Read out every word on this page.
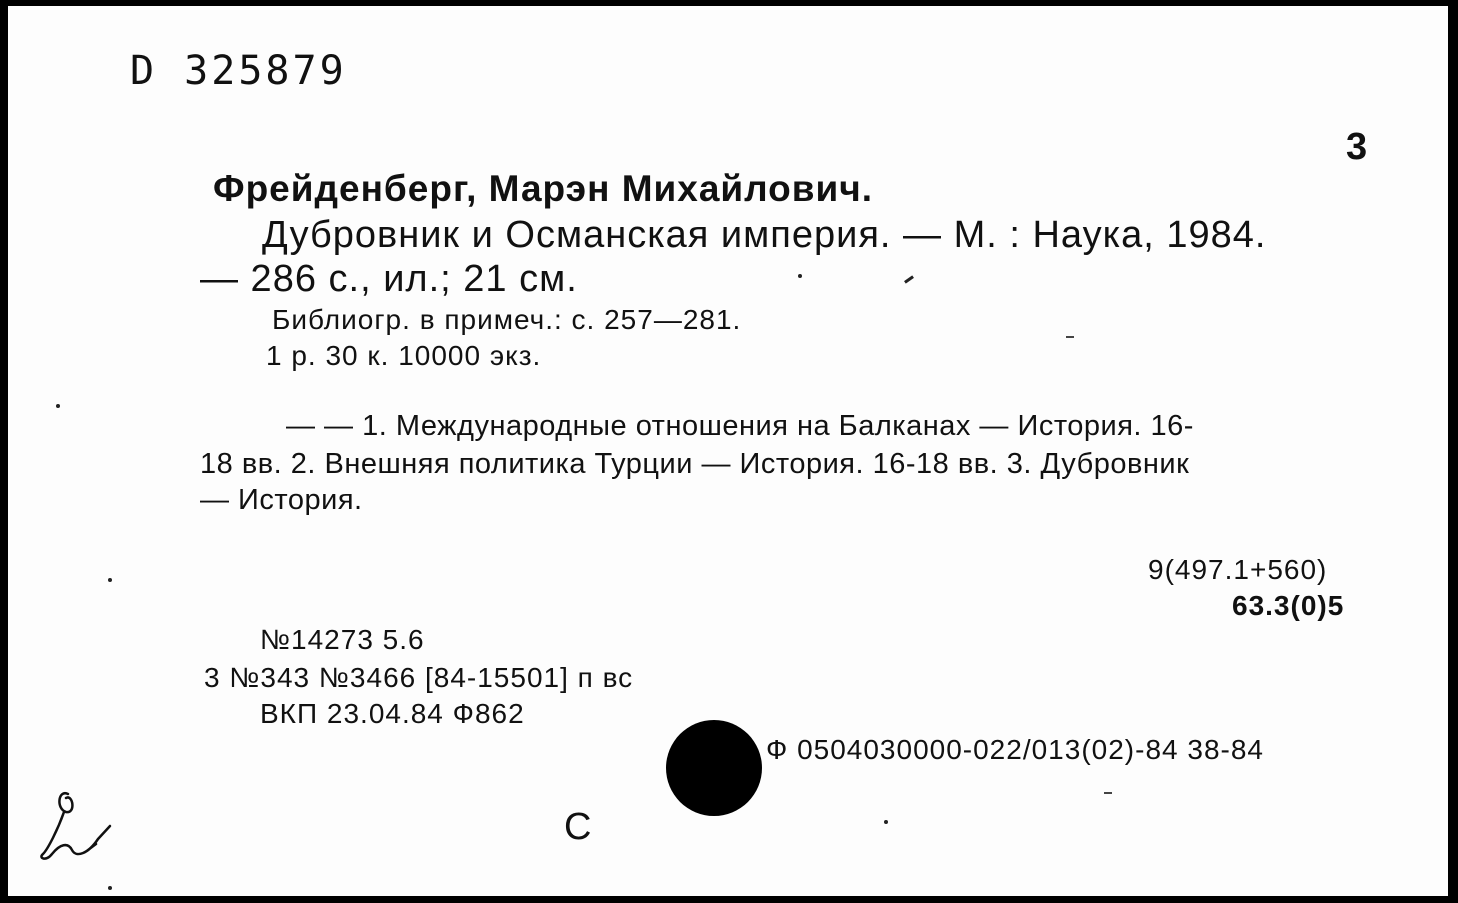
D 325879
3
Фрейденберг, Марэн Михайлович.
Дубровник и Османская империя. — М. : Наука, 1984.
— 286 с., ил.; 21 см.
Библиогр. в примеч.: с. 257—281.
1 р. 30 к. 10000 экз.
— — 1. Международные отношения на Балканах — История. 16-
18 вв. 2. Внешняя политика Турции — История. 16-18 вв. 3. Дубровник
— История.
9(497.1+560)
63.3(0)5
№14273 5.6
3 №343 №3466 [84-15501] п вс
ВКП 23.04.84 Ф862
Ф 0504030000-022/013(02)-84 38-84
С
